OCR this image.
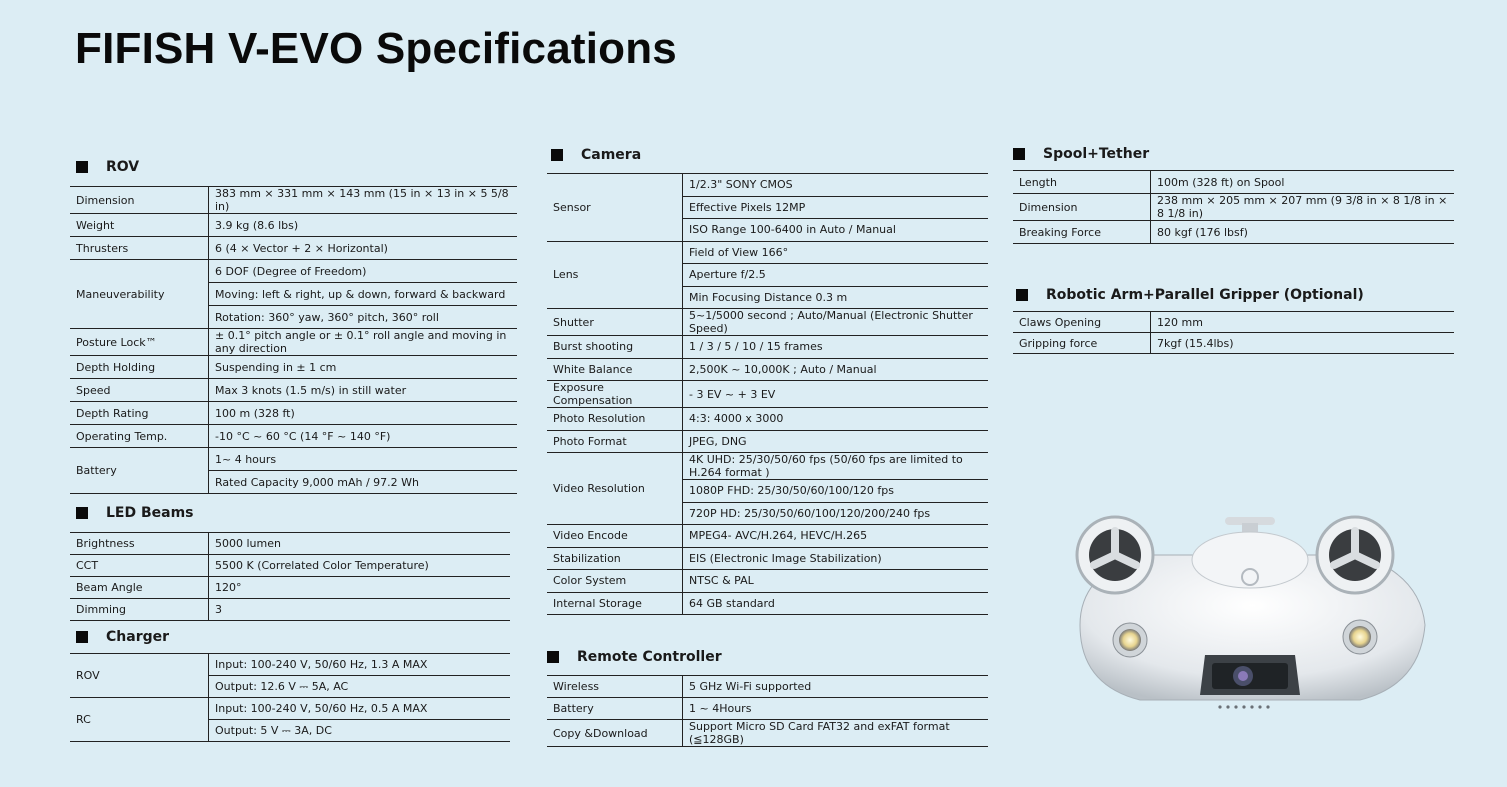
FIFISH V-EVO Specifications
ROV
Dimension	383 mm × 331 mm × 143 mm (15 in × 13 in × 5 5/8 in)
Weight	3.9 kg (8.6 lbs)
Thrusters	6 (4 × Vector + 2 × Horizontal)
Maneuverability	6 DOF (Degree of Freedom)
	Moving: left & right, up & down, forward & backward
	Rotation: 360° yaw, 360° pitch, 360° roll
Posture Lock™	± 0.1° pitch angle or ± 0.1° roll angle and moving in any direction
Depth Holding	Suspending in ± 1 cm
Speed	Max 3 knots (1.5 m/s) in still water
Depth Rating	100 m (328 ft)
Operating Temp.	-10 °C ~ 60 °C (14 °F ~ 140 °F)
Battery	1~ 4 hours
	Rated Capacity 9,000 mAh / 97.2 Wh
LED Beams
Brightness	5000 lumen
CCT	5500 K (Correlated Color Temperature)
Beam Angle	120°
Dimming	3
Charger
ROV	Input: 100-240 V, 50/60 Hz, 1.3 A MAX
	Output: 12.6 V ⎓ 5A, AC
RC	Input: 100-240 V, 50/60 Hz, 0.5 A MAX
	Output: 5 V ⎓ 3A, DC
Camera
Sensor	1/2.3" SONY CMOS
	Effective Pixels 12MP
	ISO Range 100-6400 in Auto / Manual
Lens	Field of View 166°
	Aperture f/2.5
	Min Focusing Distance 0.3 m
Shutter	5~1/5000 second ; Auto/Manual (Electronic Shutter Speed)
Burst shooting	1 / 3 / 5 / 10 / 15 frames
White Balance	2,500K ~ 10,000K ; Auto / Manual
Exposure Compensation	- 3 EV ~ + 3 EV
Photo Resolution	4:3: 4000 x 3000
Photo Format	JPEG, DNG
Video Resolution	4K UHD: 25/30/50/60 fps (50/60 fps are limited to H.264 format )
	1080P FHD: 25/30/50/60/100/120 fps
	720P HD: 25/30/50/60/100/120/200/240 fps
Video Encode	MPEG4- AVC/H.264, HEVC/H.265
Stabilization	EIS (Electronic Image Stabilization)
Color System	NTSC & PAL
Internal Storage	64 GB standard
Remote Controller
Wireless	5 GHz Wi-Fi supported
Battery	1 ~ 4Hours
Copy &Download	Support Micro SD Card FAT32 and exFAT format (≦128GB)
Spool+Tether
Length	100m (328 ft) on Spool
Dimension	238 mm × 205 mm × 207 mm (9 3/8 in × 8 1/8 in × 8 1/8 in)
Breaking Force	80 kgf (176 lbsf)
Robotic Arm+Parallel Gripper (Optional)
Claws Opening	120 mm
Gripping force	7kgf (15.4lbs)
